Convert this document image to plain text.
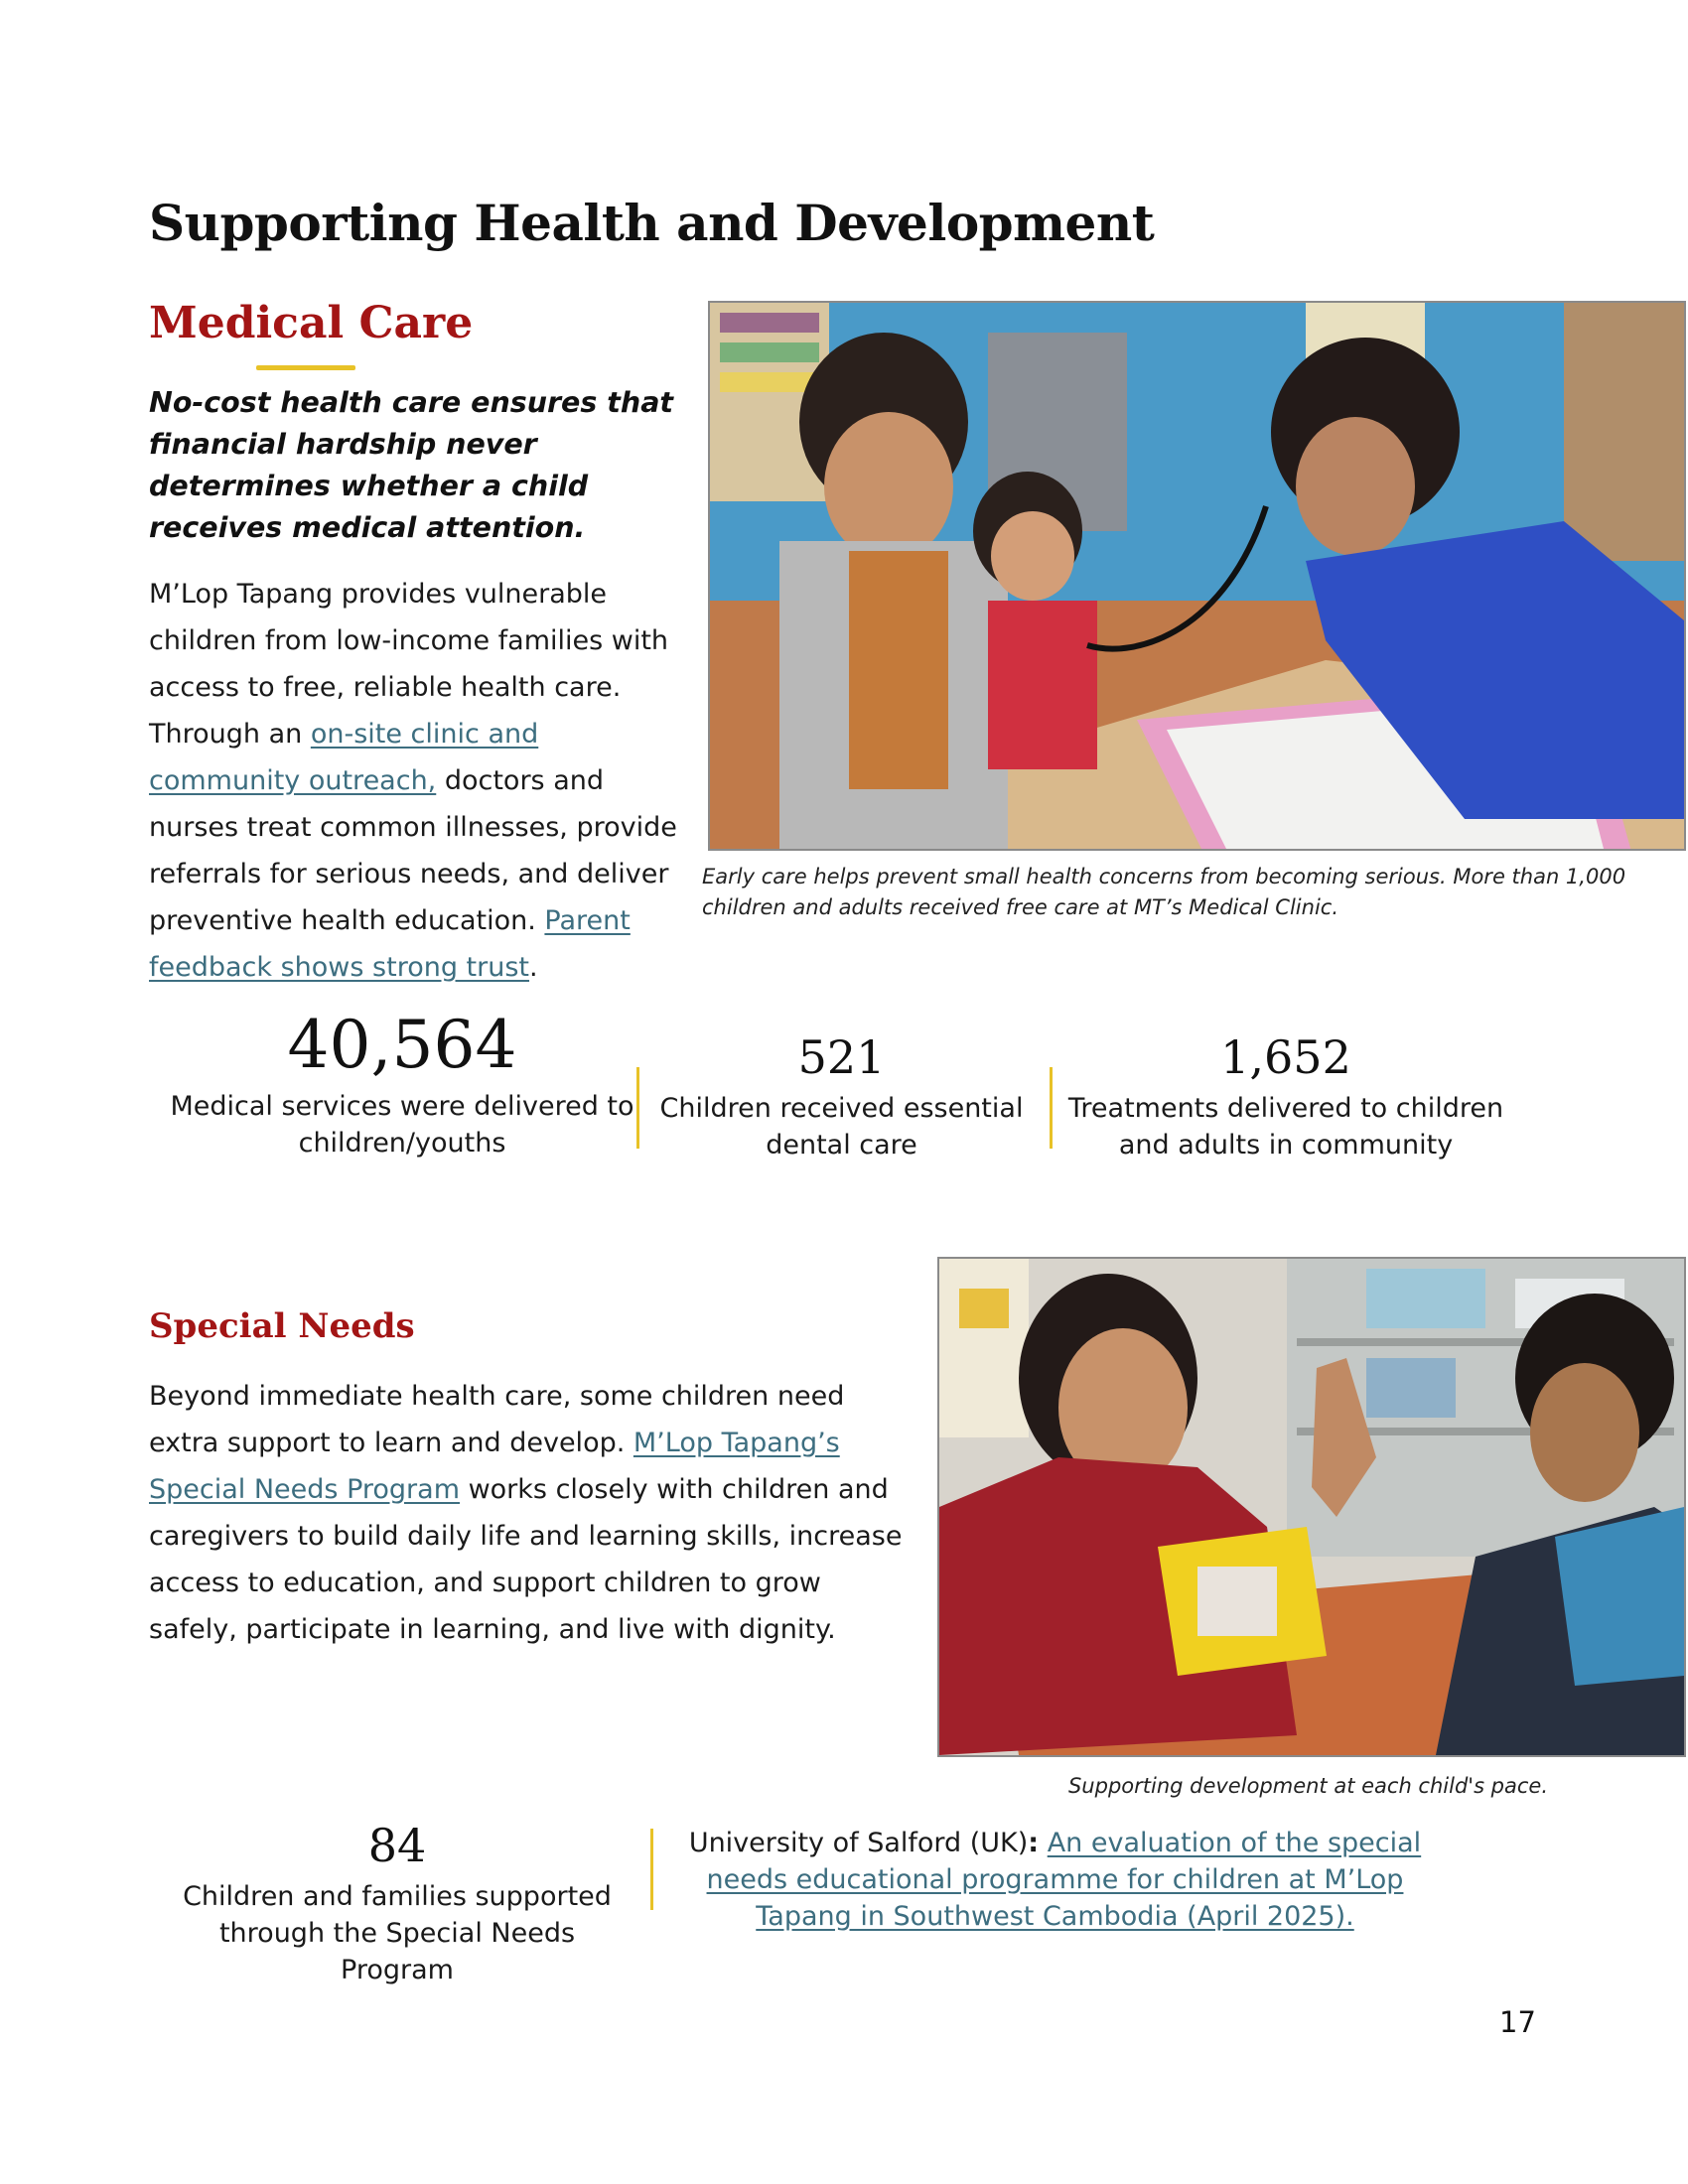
Supporting Health and Development
Medical Care
No-cost health care ensures that financial hardship never determines whether a child receives medical attention.
M’Lop Tapang provides vulnerable children from low-income families with access to free, reliable health care. Through an on-site clinic and community outreach, doctors and nurses treat common illnesses, provide referrals for serious needs, and deliver preventive health education. Parent feedback shows strong trust.
Early care helps prevent small health concerns from becoming serious. More than 1,000 children and adults received free care at MT’s Medical Clinic.
40,564
Medical services were delivered to children/youths
521
Children received essential dental care
1,652
Treatments delivered to children and adults in community
Special Needs
Beyond immediate health care, some children need extra support to learn and develop. M’Lop Tapang’s Special Needs Program works closely with children and caregivers to build daily life and learning skills, increase access to education, and support children to grow safely, participate in learning, and live with dignity.
Supporting development at each child's pace.
84
Children and families supported through the Special Needs Program
University of Salford (UK): An evaluation of the special needs educational programme for children at M’Lop Tapang in Southwest Cambodia (April 2025).
17
